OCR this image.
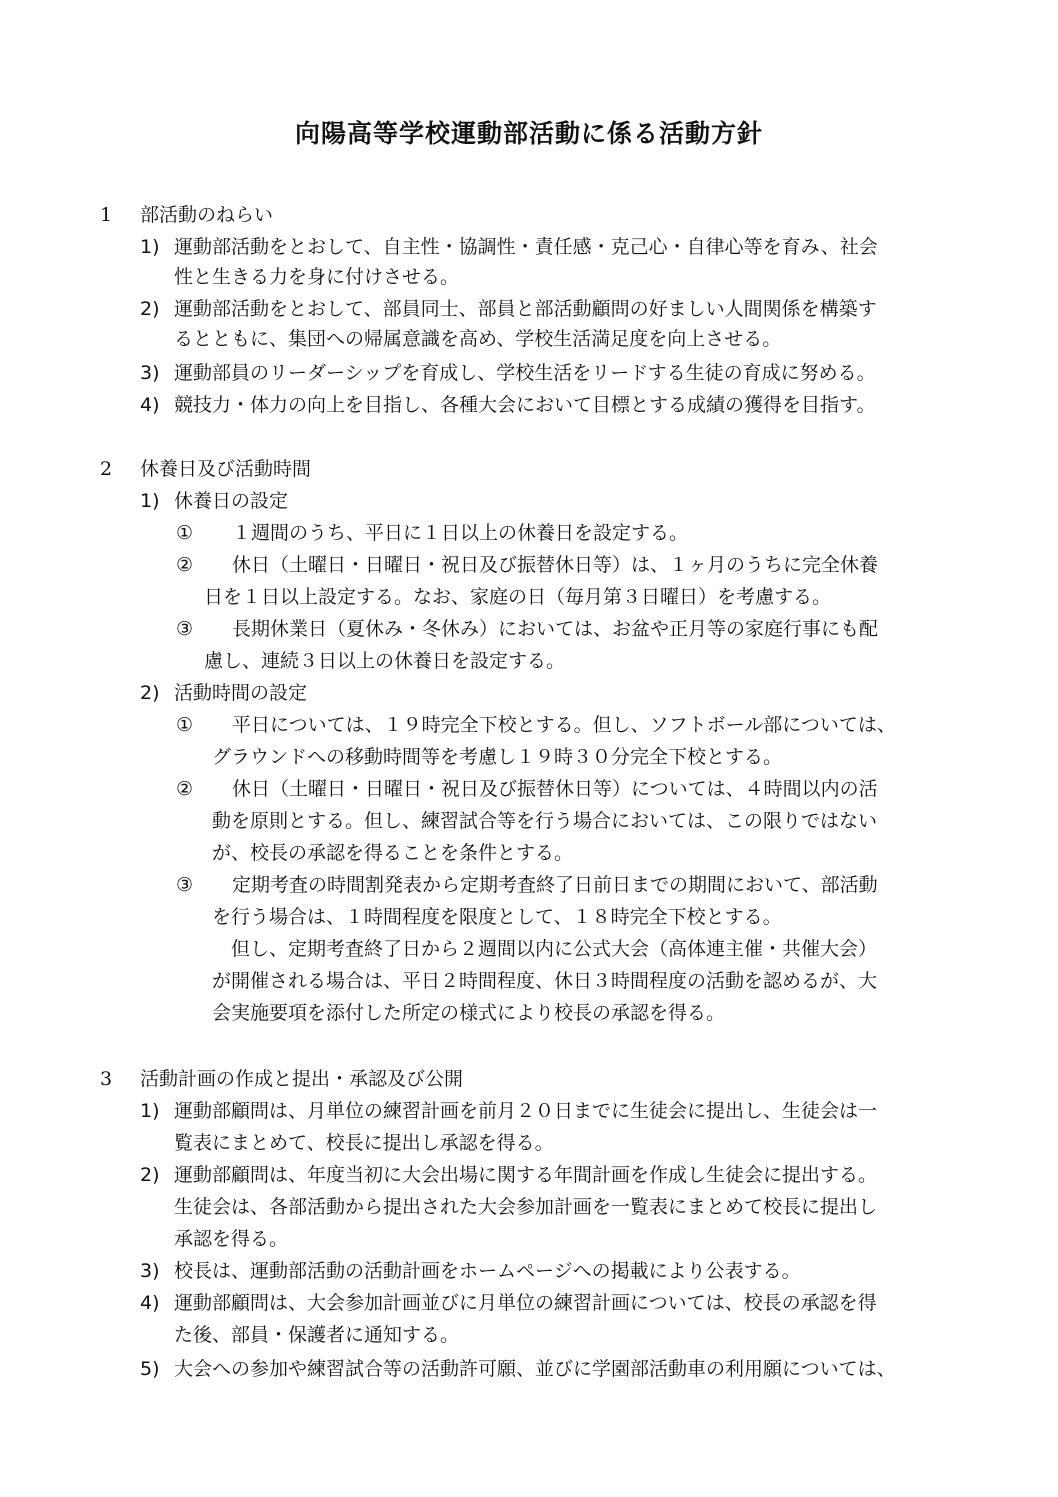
向陽高等学校運動部活動に係る活動方針
1 部活動のねらい
1) 運動部活動をとおして、自主性・協調性・責任感・克己心・自律心等を育み、社会
性と生きる力を身に付けさせる。
2) 運動部活動をとおして、部員同士、部員と部活動顧問の好ましい人間関係を構築す
るとともに、集団への帰属意識を高め、学校生活満足度を向上させる。
3) 運動部員のリーダーシップを育成し、学校生活をリードする生徒の育成に努める。
4) 競技力・体力の向上を目指し、各種大会において目標とする成績の獲得を目指す。
2 休養日及び活動時間
1) 休養日の設定
① １週間のうち、平日に１日以上の休養日を設定する。
② 休日（土曜日・日曜日・祝日及び振替休日等）は、１ヶ月のうちに完全休養
日を１日以上設定する。なお、家庭の日（毎月第３日曜日）を考慮する。
③ 長期休業日（夏休み・冬休み）においては、お盆や正月等の家庭行事にも配
慮し、連続３日以上の休養日を設定する。
2) 活動時間の設定
① 平日については、１９時完全下校とする。但し、ソフトボール部については、
グラウンドへの移動時間等を考慮し１９時３０分完全下校とする。
② 休日（土曜日・日曜日・祝日及び振替休日等）については、４時間以内の活
動を原則とする。但し、練習試合等を行う場合においては、この限りではない
が、校長の承認を得ることを条件とする。
③ 定期考査の時間割発表から定期考査終了日前日までの期間において、部活動
を行う場合は、１時間程度を限度として、１８時完全下校とする。
　但し、定期考査終了日から２週間以内に公式大会（高体連主催・共催大会）
が開催される場合は、平日２時間程度、休日３時間程度の活動を認めるが、大
会実施要項を添付した所定の様式により校長の承認を得る。
3 活動計画の作成と提出・承認及び公開
1) 運動部顧問は、月単位の練習計画を前月２０日までに生徒会に提出し、生徒会は一
覧表にまとめて、校長に提出し承認を得る。
2) 運動部顧問は、年度当初に大会出場に関する年間計画を作成し生徒会に提出する。
生徒会は、各部活動から提出された大会参加計画を一覧表にまとめて校長に提出し
承認を得る。
3) 校長は、運動部活動の活動計画をホームページへの掲載により公表する。
4) 運動部顧問は、大会参加計画並びに月単位の練習計画については、校長の承認を得
た後、部員・保護者に通知する。
5) 大会への参加や練習試合等の活動許可願、並びに学園部活動車の利用願については、
